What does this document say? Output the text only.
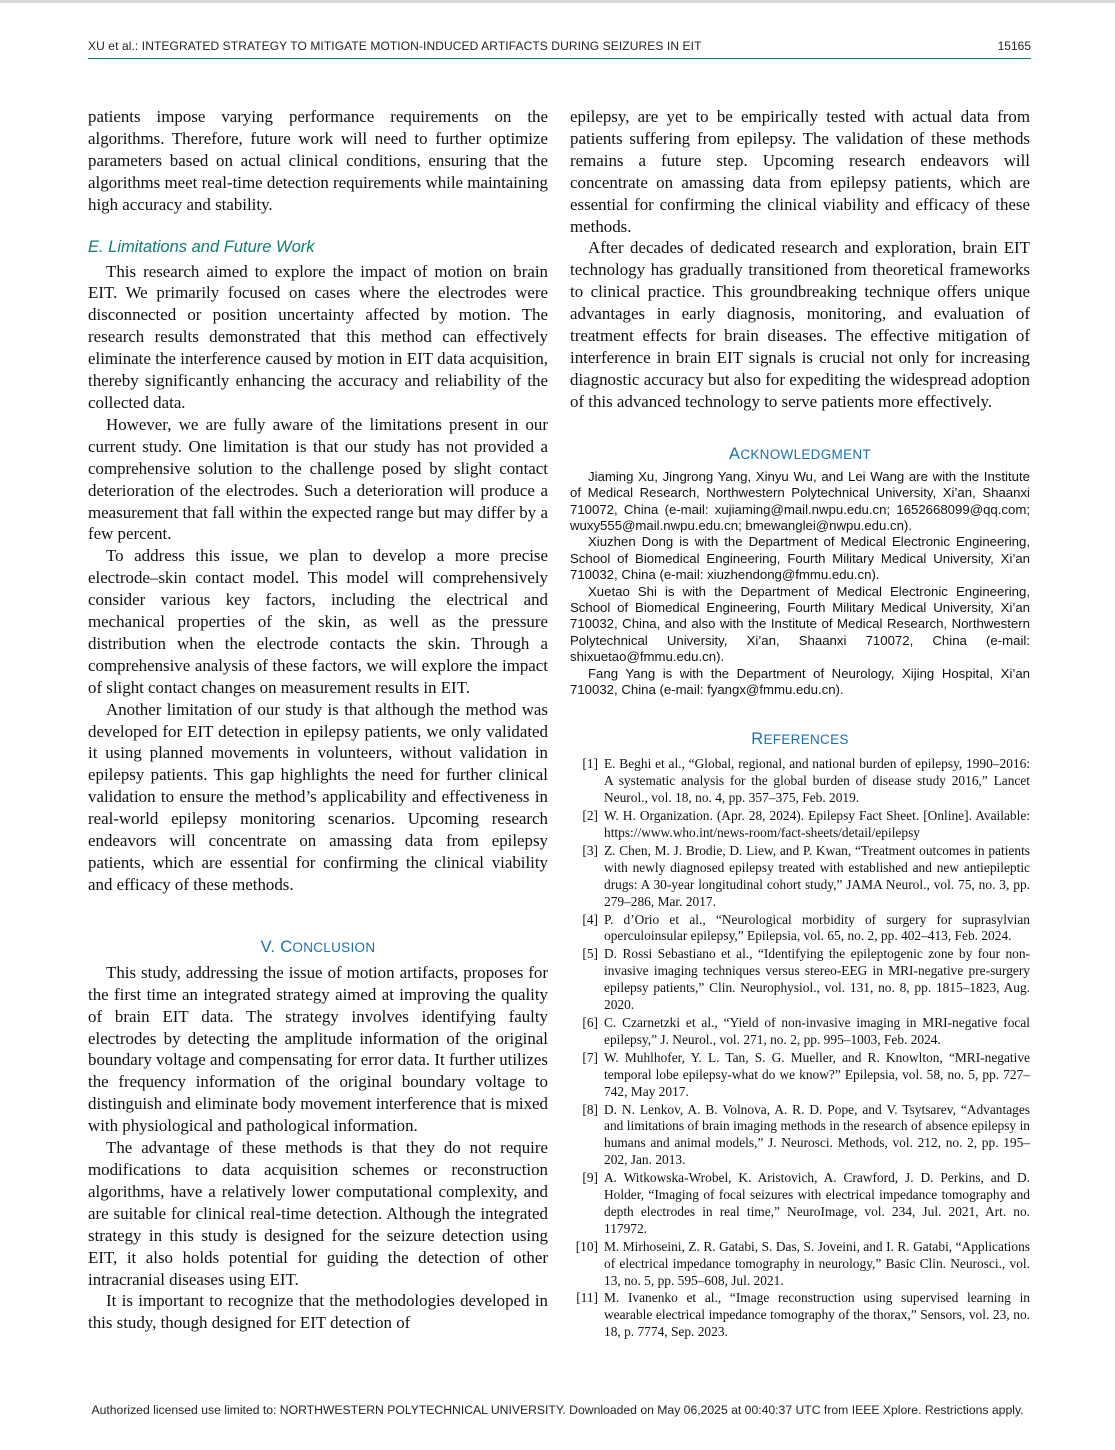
XU et al.: INTEGRATED STRATEGY TO MITIGATE MOTION-INDUCED ARTIFACTS DURING SEIZURES IN EIT	15165

patients impose varying performance requirements on the algorithms. Therefore, future work will need to further optimize parameters based on actual clinical conditions, ensuring that the algorithms meet real-time detection requirements while maintaining high accuracy and stability.

E. Limitations and Future Work

This research aimed to explore the impact of motion on brain EIT. We primarily focused on cases where the electrodes were disconnected or position uncertainty affected by motion. The research results demonstrated that this method can effectively eliminate the interference caused by motion in EIT data acquisition, thereby significantly enhancing the accuracy and reliability of the collected data.

However, we are fully aware of the limitations present in our current study. One limitation is that our study has not provided a comprehensive solution to the challenge posed by slight contact deterioration of the electrodes. Such a deterioration will produce a measurement that fall within the expected range but may differ by a few percent.

To address this issue, we plan to develop a more precise electrode–skin contact model. This model will comprehensively consider various key factors, including the electrical and mechanical properties of the skin, as well as the pressure distribution when the electrode contacts the skin. Through a comprehensive analysis of these factors, we will explore the impact of slight contact changes on measurement results in EIT.

Another limitation of our study is that although the method was developed for EIT detection in epilepsy patients, we only validated it using planned movements in volunteers, without validation in epilepsy patients. This gap highlights the need for further clinical validation to ensure the method’s applicability and effectiveness in real-world epilepsy monitoring scenarios. Upcoming research endeavors will concentrate on amassing data from epilepsy patients, which are essential for confirming the clinical viability and efficacy of these methods.

V. CONCLUSION

This study, addressing the issue of motion artifacts, proposes for the first time an integrated strategy aimed at improving the quality of brain EIT data. The strategy involves identifying faulty electrodes by detecting the amplitude information of the original boundary voltage and compensating for error data. It further utilizes the frequency information of the original boundary voltage to distinguish and eliminate body movement interference that is mixed with physiological and pathological information.

The advantage of these methods is that they do not require modifications to data acquisition schemes or reconstruction algorithms, have a relatively lower computational complexity, and are suitable for clinical real-time detection. Although the integrated strategy in this study is designed for the seizure detection using EIT, it also holds potential for guiding the detection of other intracranial diseases using EIT.

It is important to recognize that the methodologies developed in this study, though designed for EIT detection of

epilepsy, are yet to be empirically tested with actual data from patients suffering from epilepsy. The validation of these methods remains a future step. Upcoming research endeavors will concentrate on amassing data from epilepsy patients, which are essential for confirming the clinical viability and efficacy of these methods.

After decades of dedicated research and exploration, brain EIT technology has gradually transitioned from theoretical frameworks to clinical practice. This groundbreaking technique offers unique advantages in early diagnosis, monitoring, and evaluation of treatment effects for brain diseases. The effective mitigation of interference in brain EIT signals is crucial not only for increasing diagnostic accuracy but also for expediting the widespread adoption of this advanced technology to serve patients more effectively.

ACKNOWLEDGMENT

Jiaming Xu, Jingrong Yang, Xinyu Wu, and Lei Wang are with the Institute of Medical Research, Northwestern Polytechnical University, Xi’an, Shaanxi 710072, China (e-mail: xujiaming@mail.nwpu.edu.cn; 1652668099@qq.com; wuxy555@mail.nwpu.edu.cn; bmewanglei@nwpu.edu.cn).

Xiuzhen Dong is with the Department of Medical Electronic Engineering, School of Biomedical Engineering, Fourth Military Medical University, Xi’an 710032, China (e-mail: xiuzhendong@fmmu.edu.cn).

Xuetao Shi is with the Department of Medical Electronic Engineering, School of Biomedical Engineering, Fourth Military Medical University, Xi’an 710032, China, and also with the Institute of Medical Research, Northwestern Polytechnical University, Xi’an, Shaanxi 710072, China (e-mail: shixuetao@fmmu.edu.cn).

Fang Yang is with the Department of Neurology, Xijing Hospital, Xi’an 710032, China (e-mail: fyangx@fmmu.edu.cn).

REFERENCES
[1] E. Beghi et al., “Global, regional, and national burden of epilepsy, 1990–2016: A systematic analysis for the global burden of disease study 2016,” Lancet Neurol., vol. 18, no. 4, pp. 357–375, Feb. 2019.
[2] W. H. Organization. (Apr. 28, 2024). Epilepsy Fact Sheet. [Online]. Available: https://www.who.int/news-room/fact-sheets/detail/epilepsy
[3] Z. Chen, M. J. Brodie, D. Liew, and P. Kwan, “Treatment outcomes in patients with newly diagnosed epilepsy treated with established and new antiepileptic drugs: A 30-year longitudinal cohort study,” JAMA Neurol., vol. 75, no. 3, pp. 279–286, Mar. 2017.
[4] P. d’Orio et al., “Neurological morbidity of surgery for suprasylvian operculoinsular epilepsy,” Epilepsia, vol. 65, no. 2, pp. 402–413, Feb. 2024.
[5] D. Rossi Sebastiano et al., “Identifying the epileptogenic zone by four non-invasive imaging techniques versus stereo-EEG in MRI-negative pre-surgery epilepsy patients,” Clin. Neurophysiol., vol. 131, no. 8, pp. 1815–1823, Aug. 2020.
[6] C. Czarnetzki et al., “Yield of non-invasive imaging in MRI-negative focal epilepsy,” J. Neurol., vol. 271, no. 2, pp. 995–1003, Feb. 2024.
[7] W. Muhlhofer, Y. L. Tan, S. G. Mueller, and R. Knowlton, “MRI-negative temporal lobe epilepsy-what do we know?” Epilepsia, vol. 58, no. 5, pp. 727–742, May 2017.
[8] D. N. Lenkov, A. B. Volnova, A. R. D. Pope, and V. Tsytsarev, “Advantages and limitations of brain imaging methods in the research of absence epilepsy in humans and animal models,” J. Neurosci. Methods, vol. 212, no. 2, pp. 195–202, Jan. 2013.
[9] A. Witkowska-Wrobel, K. Aristovich, A. Crawford, J. D. Perkins, and D. Holder, “Imaging of focal seizures with electrical impedance tomography and depth electrodes in real time,” NeuroImage, vol. 234, Jul. 2021, Art. no. 117972.
[10] M. Mirhoseini, Z. R. Gatabi, S. Das, S. Joveini, and I. R. Gatabi, “Applications of electrical impedance tomography in neurology,” Basic Clin. Neurosci., vol. 13, no. 5, pp. 595–608, Jul. 2021.
[11] M. Ivanenko et al., “Image reconstruction using supervised learning in wearable electrical impedance tomography of the thorax,” Sensors, vol. 23, no. 18, p. 7774, Sep. 2023.
Authorized licensed use limited to: NORTHWESTERN POLYTECHNICAL UNIVERSITY. Downloaded on May 06,2025 at 00:40:37 UTC from IEEE Xplore. Restrictions apply.
